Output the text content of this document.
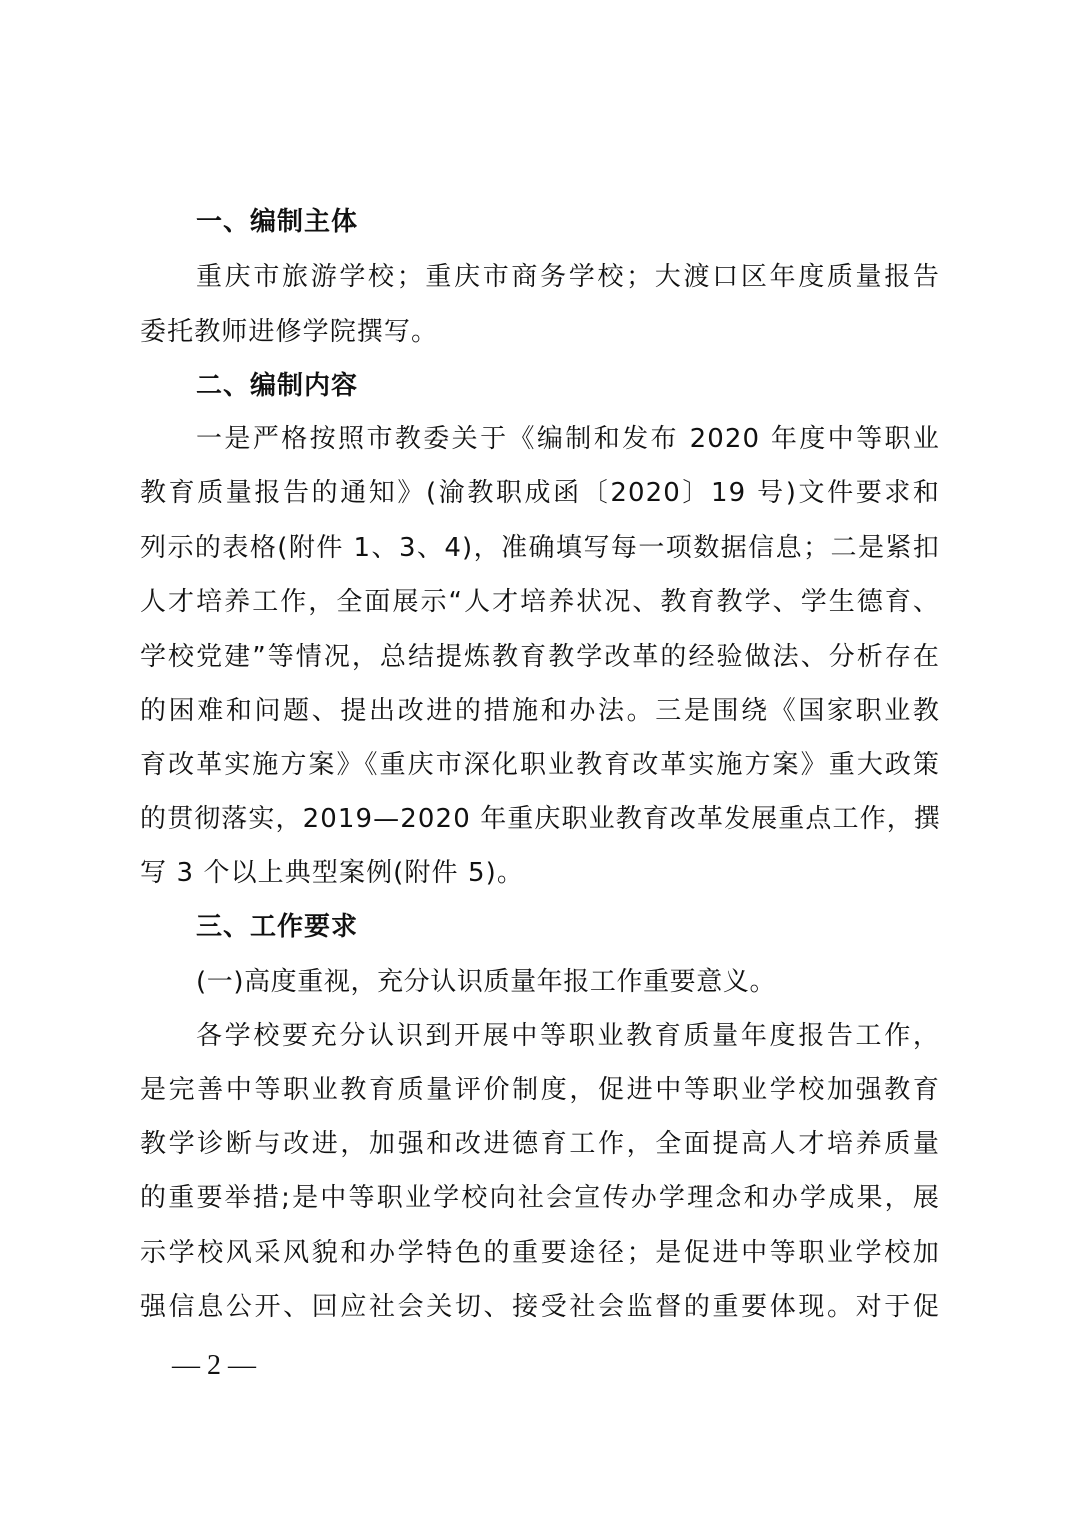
一、编制主体
重庆市旅游学校；重庆市商务学校；大渡口区年度质量报告
委托教师进修学院撰写。
二、编制内容
一是严格按照市教委关于《编制和发布 2020 年度中等职业
教育质量报告的通知》(渝教职成函〔2020〕19 号)文件要求和
列示的表格(附件 1、3、4)，准确填写每一项数据信息；二是紧扣
人才培养工作，全面展示“人才培养状况、教育教学、学生德育、
学校党建”等情况，总结提炼教育教学改革的经验做法、分析存在
的困难和问题、提出改进的措施和办法。三是围绕《国家职业教
育改革实施方案》《重庆市深化职业教育改革实施方案》重大政策
的贯彻落实，2019—2020 年重庆职业教育改革发展重点工作，撰
写 3 个以上典型案例(附件 5)。
三、工作要求
(一)高度重视，充分认识质量年报工作重要意义。
各学校要充分认识到开展中等职业教育质量年度报告工作，
是完善中等职业教育质量评价制度，促进中等职业学校加强教育
教学诊断与改进，加强和改进德育工作，全面提高人才培养质量
的重要举措;是中等职业学校向社会宣传办学理念和办学成果，展
示学校风采风貌和办学特色的重要途径；是促进中等职业学校加
强信息公开、回应社会关切、接受社会监督的重要体现。对于促
— 2 —
